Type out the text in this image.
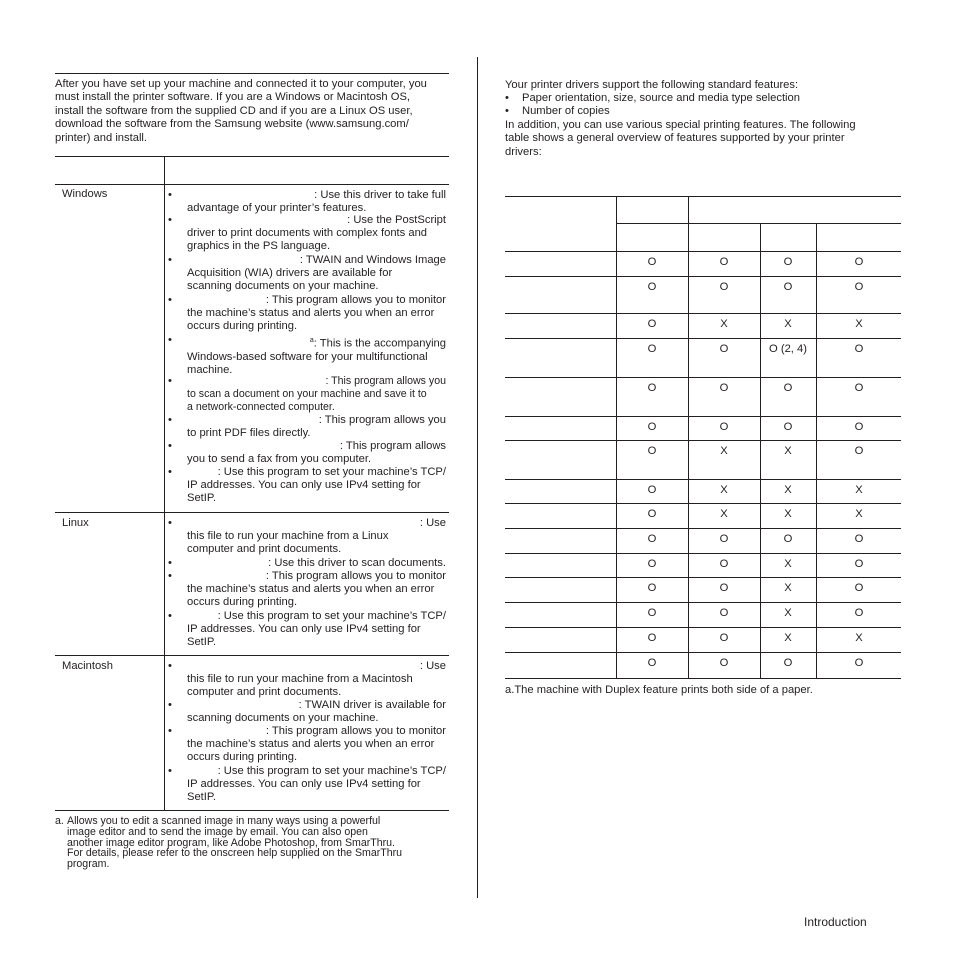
After you have set up your machine and connected it to your computer, you
must install the printer software. If you are a Windows or Macintosh OS,
install the software from the supplied CD and if you are a Linux OS user,
download the software from the Samsung website (www.samsung.com/
printer) and install.
Windows	•	: Use this driver to take full
advantage of your printer’s features.
•	: Use the PostScript
driver to print documents with complex fonts and
graphics in the PS language.
•	: TWAIN and Windows Image
Acquisition (WIA) drivers are available for
scanning documents on your machine.
•	: This program allows you to monitor
the machine’s status and alerts you when an error
occurs during printing.
•	$^a$: This is the accompanying
Windows-based software for your multifunctional
machine.
•	: This program allows you
to scan a document on your machine and save it to
a network-connected computer.
•	: This program allows you
to print PDF files directly.
•	: This program allows
you to send a fax from you computer.
•	: Use this program to set your machine’s TCP/
IP addresses. You can only use IPv4 setting for
SetIP.
Linux	•	: Use
this file to run your machine from a Linux
computer and print documents.
•	: Use this driver to scan documents.
•	: This program allows you to monitor
the machine’s status and alerts you when an error
occurs during printing.
•	: Use this program to set your machine’s TCP/
IP addresses. You can only use IPv4 setting for
SetIP.
Macintosh	•	: Use
this file to run your machine from a Macintosh
computer and print documents.
•	: TWAIN driver is available for
scanning documents on your machine.
•	: This program allows you to monitor
the machine’s status and alerts you when an error
occurs during printing.
•	: Use this program to set your machine’s TCP/
IP addresses. You can only use IPv4 setting for
SetIP.
a. Allows you to edit a scanned image in many ways using a powerful
image editor and to send the image by email. You can also open
another image editor program, like Adobe Photoshop, from SmarThru.
For details, please refer to the onscreen help supplied on the SmarThru
program.
Your printer drivers support the following standard features:
• Paper orientation, size, source and media type selection
• Number of copies
In addition, you can use various special printing features. The following
table shows a general overview of features supported by your printer
drivers:
O	O	O	O
O	O	O	O
O	X	X	X
O	O	O (2, 4)	O
O	O	O	O
O	O	O	O
O	X	X	O
O	X	X	X
O	X	X	X
O	O	O	O
O	O	X	O
O	O	X	O
O	O	X	O
O	O	X	X
O	O	O	O
a.The machine with Duplex feature prints both side of a paper.
Introduction
